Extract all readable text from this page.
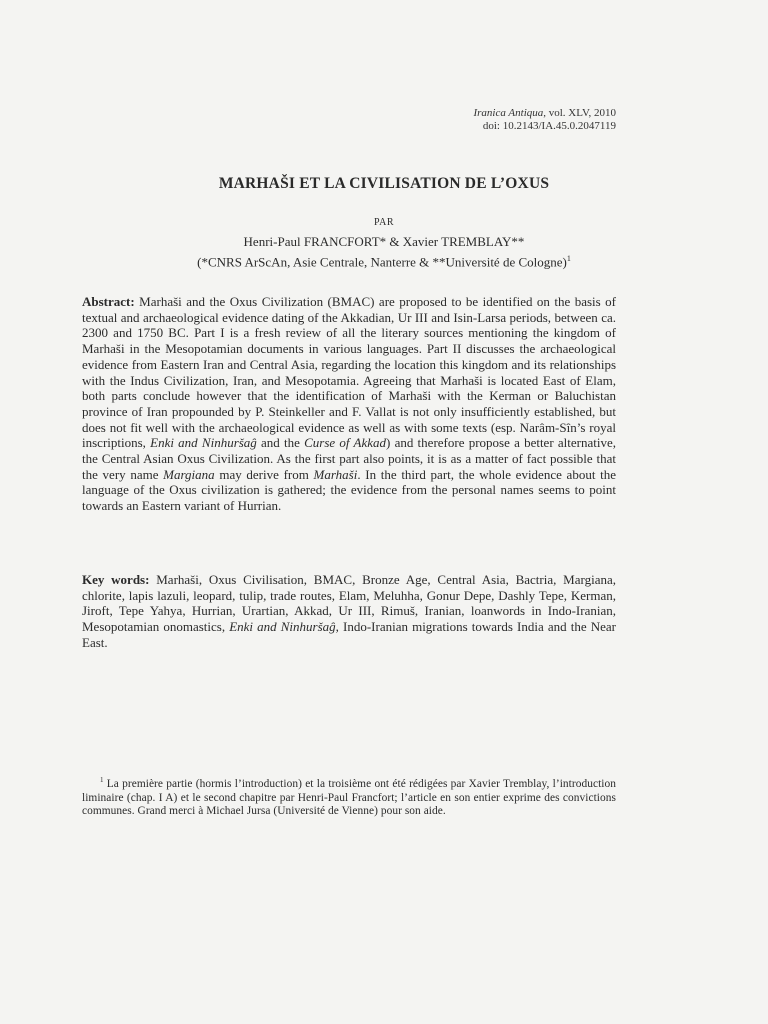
Iranica Antiqua, vol. XLV, 2010
doi: 10.2143/IA.45.0.2047119
MARHAŠI ET LA CIVILISATION DE L’OXUS
PAR
Henri-Paul FRANCFORT* & Xavier TREMBLAY**
(*CNRS ArScAn, Asie Centrale, Nanterre & **Université de Cologne)$^1$
Abstract: Marhaši and the Oxus Civilization (BMAC) are proposed to be identified on the basis of textual and archaeological evidence dating of the Akkadian, Ur III and Isin-Larsa periods, between ca. 2300 and 1750 BC. Part I is a fresh review of all the literary sources mentioning the kingdom of Marhaši in the Mesopotamian documents in various languages. Part II discusses the archaeological evidence from Eastern Iran and Central Asia, regarding the location this kingdom and its relationships with the Indus Civilization, Iran, and Mesopotamia. Agreeing that Marhaši is located East of Elam, both parts conclude however that the identification of Marhaši with the Kerman or Baluchistan province of Iran propounded by P. Steinkeller and F. Vallat is not only insufficiently established, but does not fit well with the archaeological evidence as well as with some texts (esp. Narâm-Sîn’s royal inscriptions, Enki and Ninhuršaĝ and the Curse of Akkad) and therefore propose a better alternative, the Central Asian Oxus Civilization. As the first part also points, it is as a matter of fact possible that the very name Margiana may derive from Marhaši. In the third part, the whole evidence about the language of the Oxus civilization is gathered; the evidence from the personal names seems to point towards an Eastern variant of Hurrian.
Key words: Marhaši, Oxus Civilisation, BMAC, Bronze Age, Central Asia, Bactria, Margiana, chlorite, lapis lazuli, leopard, tulip, trade routes, Elam, Meluhha, Gonur Depe, Dashly Tepe, Kerman, Jiroft, Tepe Yahya, Hurrian, Urartian, Akkad, Ur III, Rimuš, Iranian, loanwords in Indo-Iranian, Mesopotamian onomastics, Enki and Ninhuršaĝ, Indo-Iranian migrations towards India and the Near East.
$^1$ La première partie (hormis l’introduction) et la troisième ont été rédigées par Xavier Tremblay, l’introduction liminaire (chap. I A) et le second chapitre par Henri-Paul Francfort; l’article en son entier exprime des convictions communes. Grand merci à Michael Jursa (Université de Vienne) pour son aide.
